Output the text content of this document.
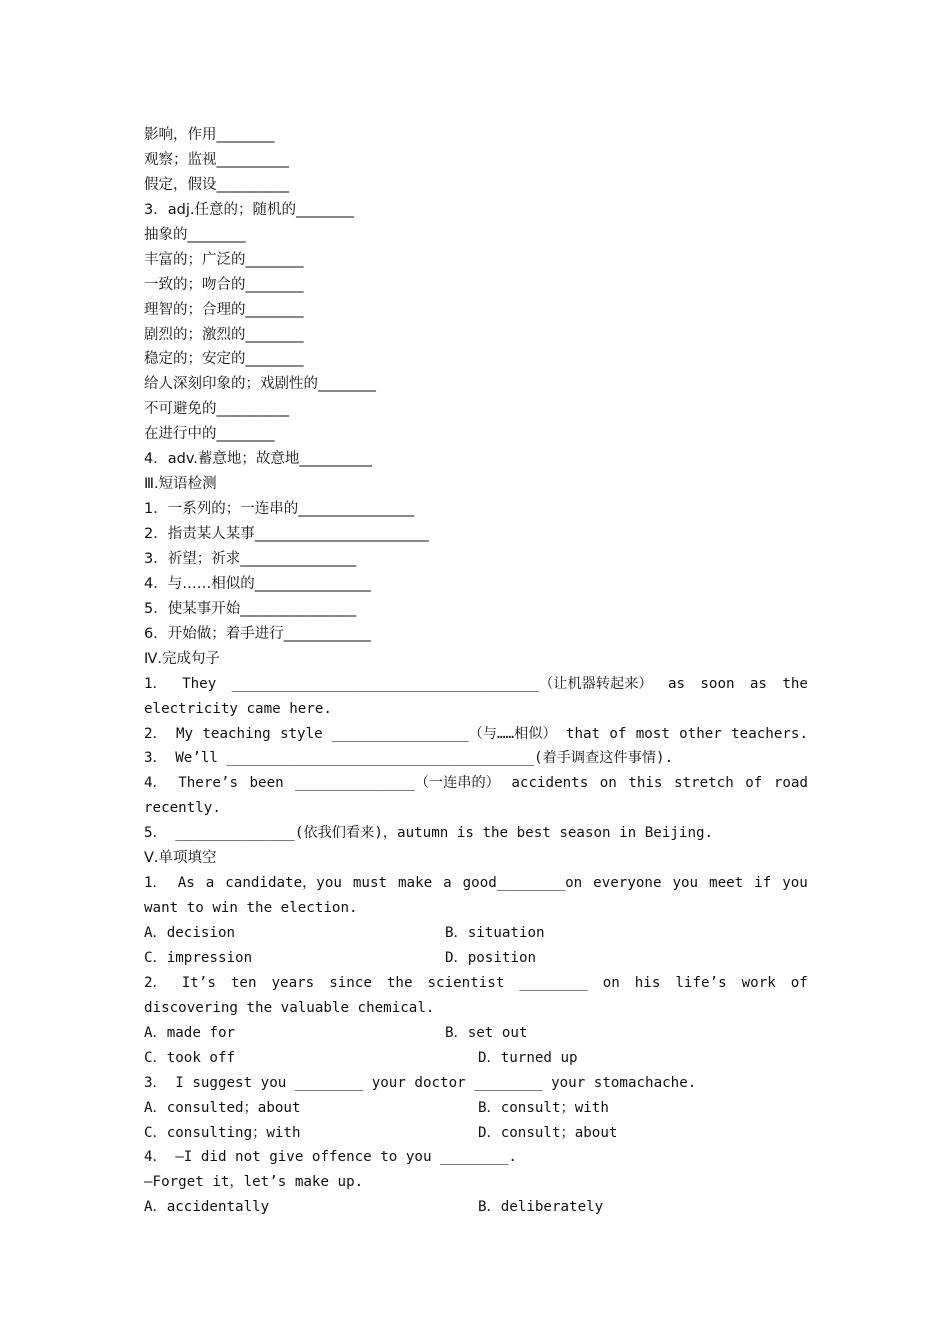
影响，作用________
观察；监视__________
假定，假设__________
3．adj.任意的；随机的________
抽象的________
丰富的；广泛的________
一致的；吻合的________
理智的；合理的________
剧烈的；激烈的________
稳定的；安定的________
给人深刻印象的；戏剧性的________
不可避免的__________
在进行中的________
4．adv.蓄意地；故意地__________
Ⅲ.短语检测
1．一系列的；一连串的________________
2．指责某人某事________________________
3．祈望；祈求________________
4．与……相似的________________
5．使某事开始________________
6．开始做；着手进行____________
Ⅳ.完成句子
1． They ____________________________________（让机器转起来） as soon as the
electricity came here.
2． My teaching style ________________（与……相似） that of most other teachers.
3． We’ll ____________________________________(着手调查这件事情).
4． There’s been ______________（一连串的） accidents on this stretch of road
recently.
5． ______________(依我们看来)，autumn is the best season in Beijing.
Ⅴ.单项填空
1． As a candidate，you must make a good________on everyone you meet if you
want to win the election.
A．decision	B．situation
C．impression	D．position
2． It’s ten years since the scientist ________ on his life’s work of
discovering the valuable chemical.
A．made for	B．set out
C．took off	D．turned up
3． I suggest you ________ your doctor ________ your stomachache.
A．consulted；about	B．consult；with
C．consulting；with	D．consult；about
4． —I did not give offence to you ________.
—Forget it，let’s make up.
A．accidentally	B．deliberately
